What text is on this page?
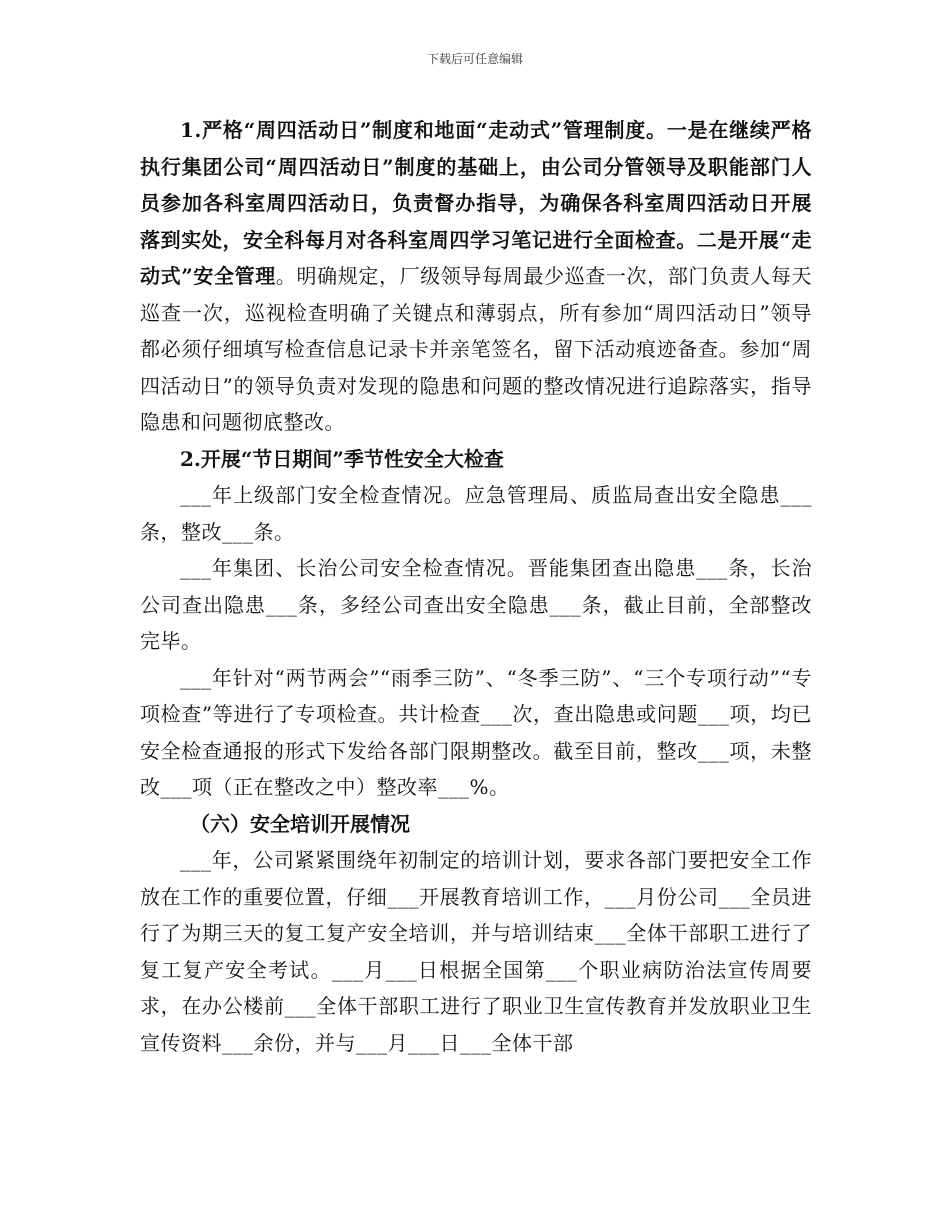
下载后可任意编辑

1.严格“周四活动日”制度和地面“走动式”管理制度。一是在继续严格执行集团公司“周四活动日”制度的基础上，由公司分管领导及职能部门人员参加各科室周四活动日，负责督办指导，为确保各科室周四活动日开展落到实处，安全科每月对各科室周四学习笔记进行全面检查。二是开展“走动式”安全管理。明确规定，厂级领导每周最少巡查一次，部门负责人每天巡查一次，巡视检查明确了关键点和薄弱点，所有参加“周四活动日”领导都必须仔细填写检查信息记录卡并亲笔签名，留下活动痕迹备查。参加“周四活动日”的领导负责对发现的隐患和问题的整改情况进行追踪落实，指导隐患和问题彻底整改。

2.开展“节日期间”季节性安全大检查

___年上级部门安全检查情况。应急管理局、质监局查出安全隐患___条，整改___条。

___年集团、长治公司安全检查情况。晋能集团查出隐患___条，长治公司查出隐患___条，多经公司查出安全隐患___条，截止目前，全部整改完毕。

___年针对“两节两会”“雨季三防”、“冬季三防”、“三个专项行动”“专项检查”等进行了专项检查。共计检查___次，查出隐患或问题___项，均已安全检查通报的形式下发给各部门限期整改。截至目前，整改___项，未整改___项（正在整改之中）整改率___%。

（六）安全培训开展情况

___年，公司紧紧围绕年初制定的培训计划，要求各部门要把安全工作放在工作的重要位置，仔细___开展教育培训工作，___月份公司___全员进行了为期三天的复工复产安全培训，并与培训结束___全体干部职工进行了复工复产安全考试。___月___日根据全国第___个职业病防治法宣传周要求，在办公楼前___全体干部职工进行了职业卫生宣传教育并发放职业卫生宣传资料___余份，并与___月___日___全体干部
